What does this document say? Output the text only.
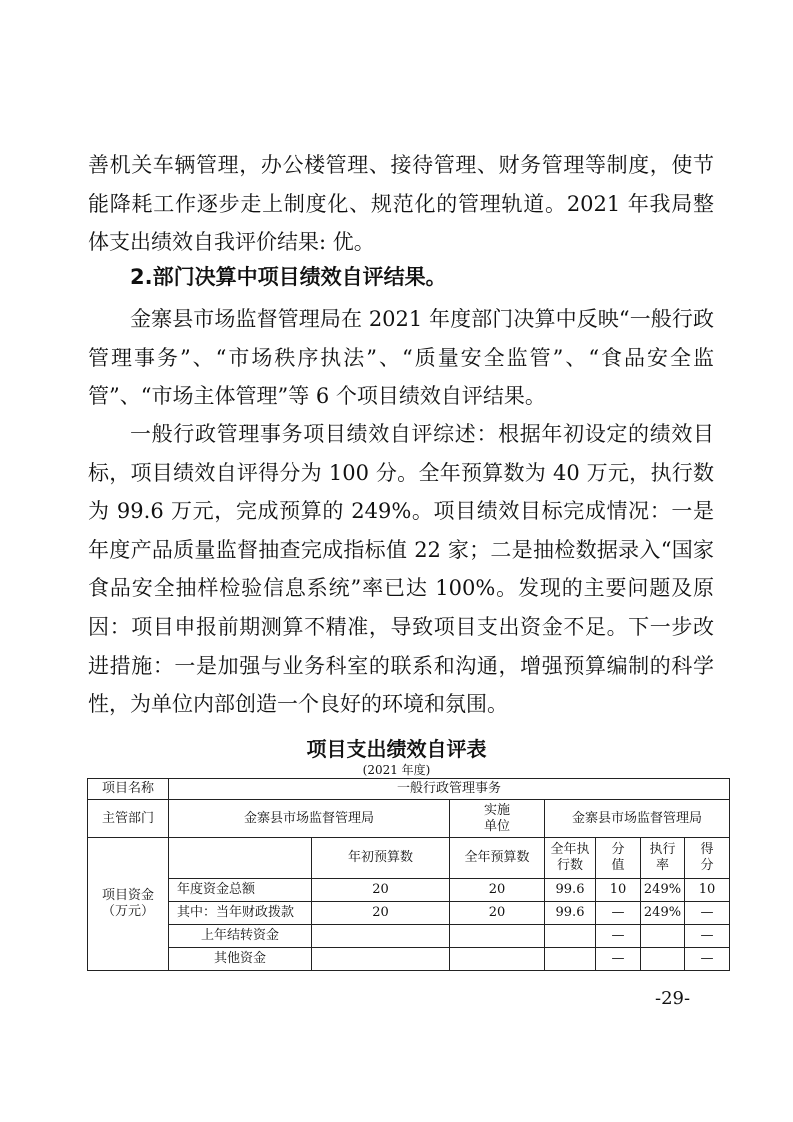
善机关车辆管理，办公楼管理、接待管理、财务管理等制度，使节能降耗工作逐步走上制度化、规范化的管理轨道。2021 年我局整体支出绩效自我评价结果: 优。

2.部门决算中项目绩效自评结果。

金寨县市场监督管理局在 2021 年度部门决算中反映“一般行政管理事务”、“市场秩序执法”、“质量安全监管”、“食品安全监管”、“市场主体管理”等 6 个项目绩效自评结果。

一般行政管理事务项目绩效自评综述：根据年初设定的绩效目标，项目绩效自评得分为 100 分。全年预算数为 40 万元，执行数为 99.6 万元，完成预算的 249%。项目绩效目标完成情况：一是年度产品质量监督抽查完成指标值 22 家；二是抽检数据录入“国家食品安全抽样检验信息系统”率已达 100%。发现的主要问题及原因：项目申报前期测算不精准，导致项目支出资金不足。下一步改进措施：一是加强与业务科室的联系和沟通，增强预算编制的科学性，为单位内部创造一个良好的环境和氛围。

项目支出绩效自评表
(2021 年度)
项目名称	一般行政管理事务						
主管部门	金寨县市场监督管理局		实施单位	金寨县市场监督管理局			
项目资金（万元）		年初预算数	全年预算数	全年执行数	分值	执行率	得分
	年度资金总额	20	20	99.6	10	249%	10
	其中：当年财政拨款	20	20	99.6	—	249%	—
	上年结转资金				—		—
	其他资金				—		—
-29-
